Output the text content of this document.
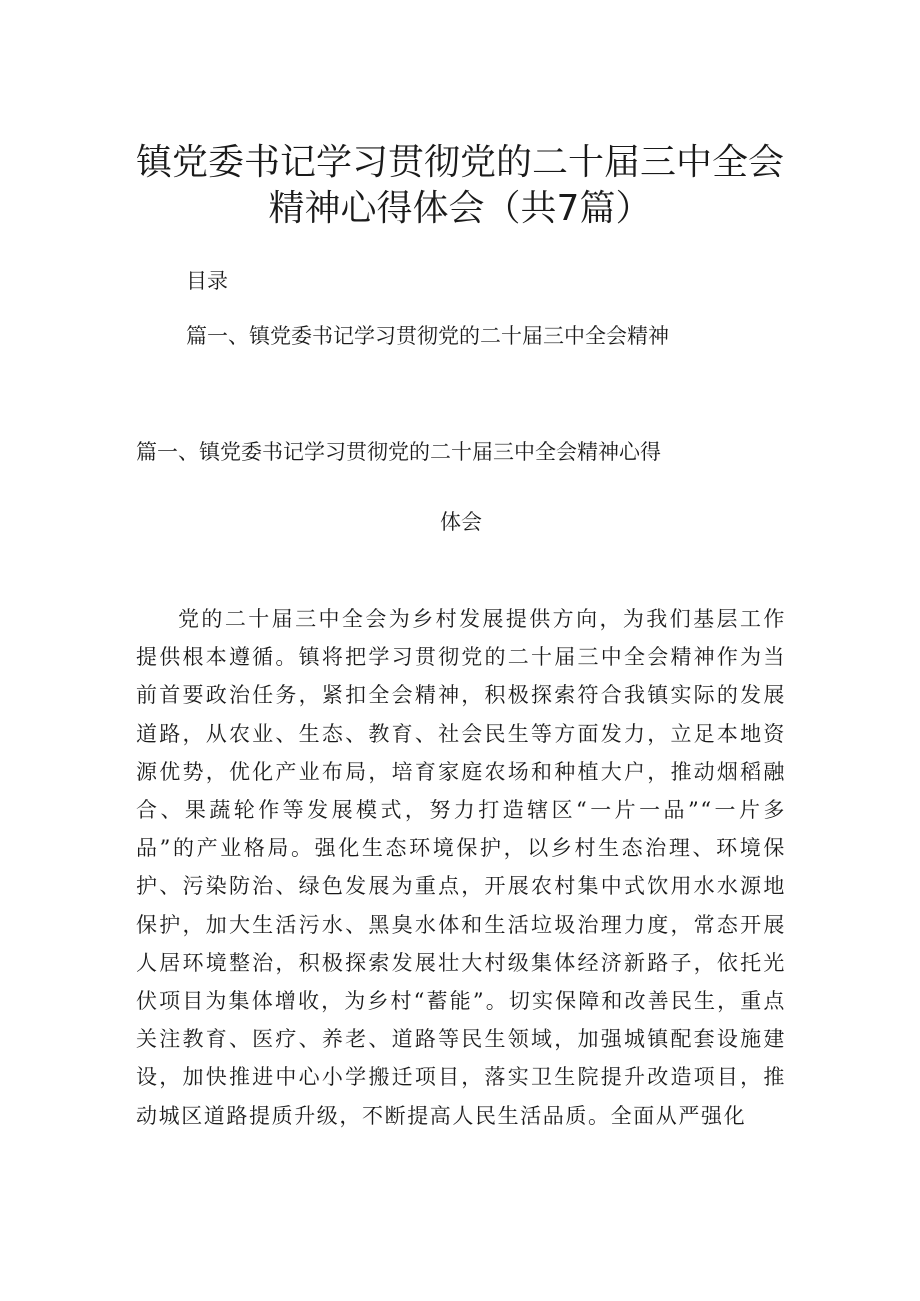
镇党委书记学习贯彻党的二十届三中全会
精神心得体会（共7篇）
目录
篇一、镇党委书记学习贯彻党的二十届三中全会精神
篇一、镇党委书记学习贯彻党的二十届三中全会精神心得
体会

党的二十届三中全会为乡村发展提供方向，为我们基层工作提供根本遵循。镇将把学习贯彻党的二十届三中全会精神作为当前首要政治任务，紧扣全会精神，积极探索符合我镇实际的发展道路，从农业、生态、教育、社会民生等方面发力，立足本地资源优势，优化产业布局，培育家庭农场和种植大户，推动烟稻融合、果蔬轮作等发展模式，努力打造辖区“一片一品”“一片多品”的产业格局。强化生态环境保护，以乡村生态治理、环境保护、污染防治、绿色发展为重点，开展农村集中式饮用水水源地保护，加大生活污水、黑臭水体和生活垃圾治理力度，常态开展人居环境整治，积极探索发展壮大村级集体经济新路子，依托光伏项目为集体增收，为乡村“蓄能”。切实保障和改善民生，重点关注教育、医疗、养老、道路等民生领域，加强城镇配套设施建设，加快推进中心小学搬迁项目，落实卫生院提升改造项目，推动城区道路提质升级，不断提高人民生活品质。全面从严强化
